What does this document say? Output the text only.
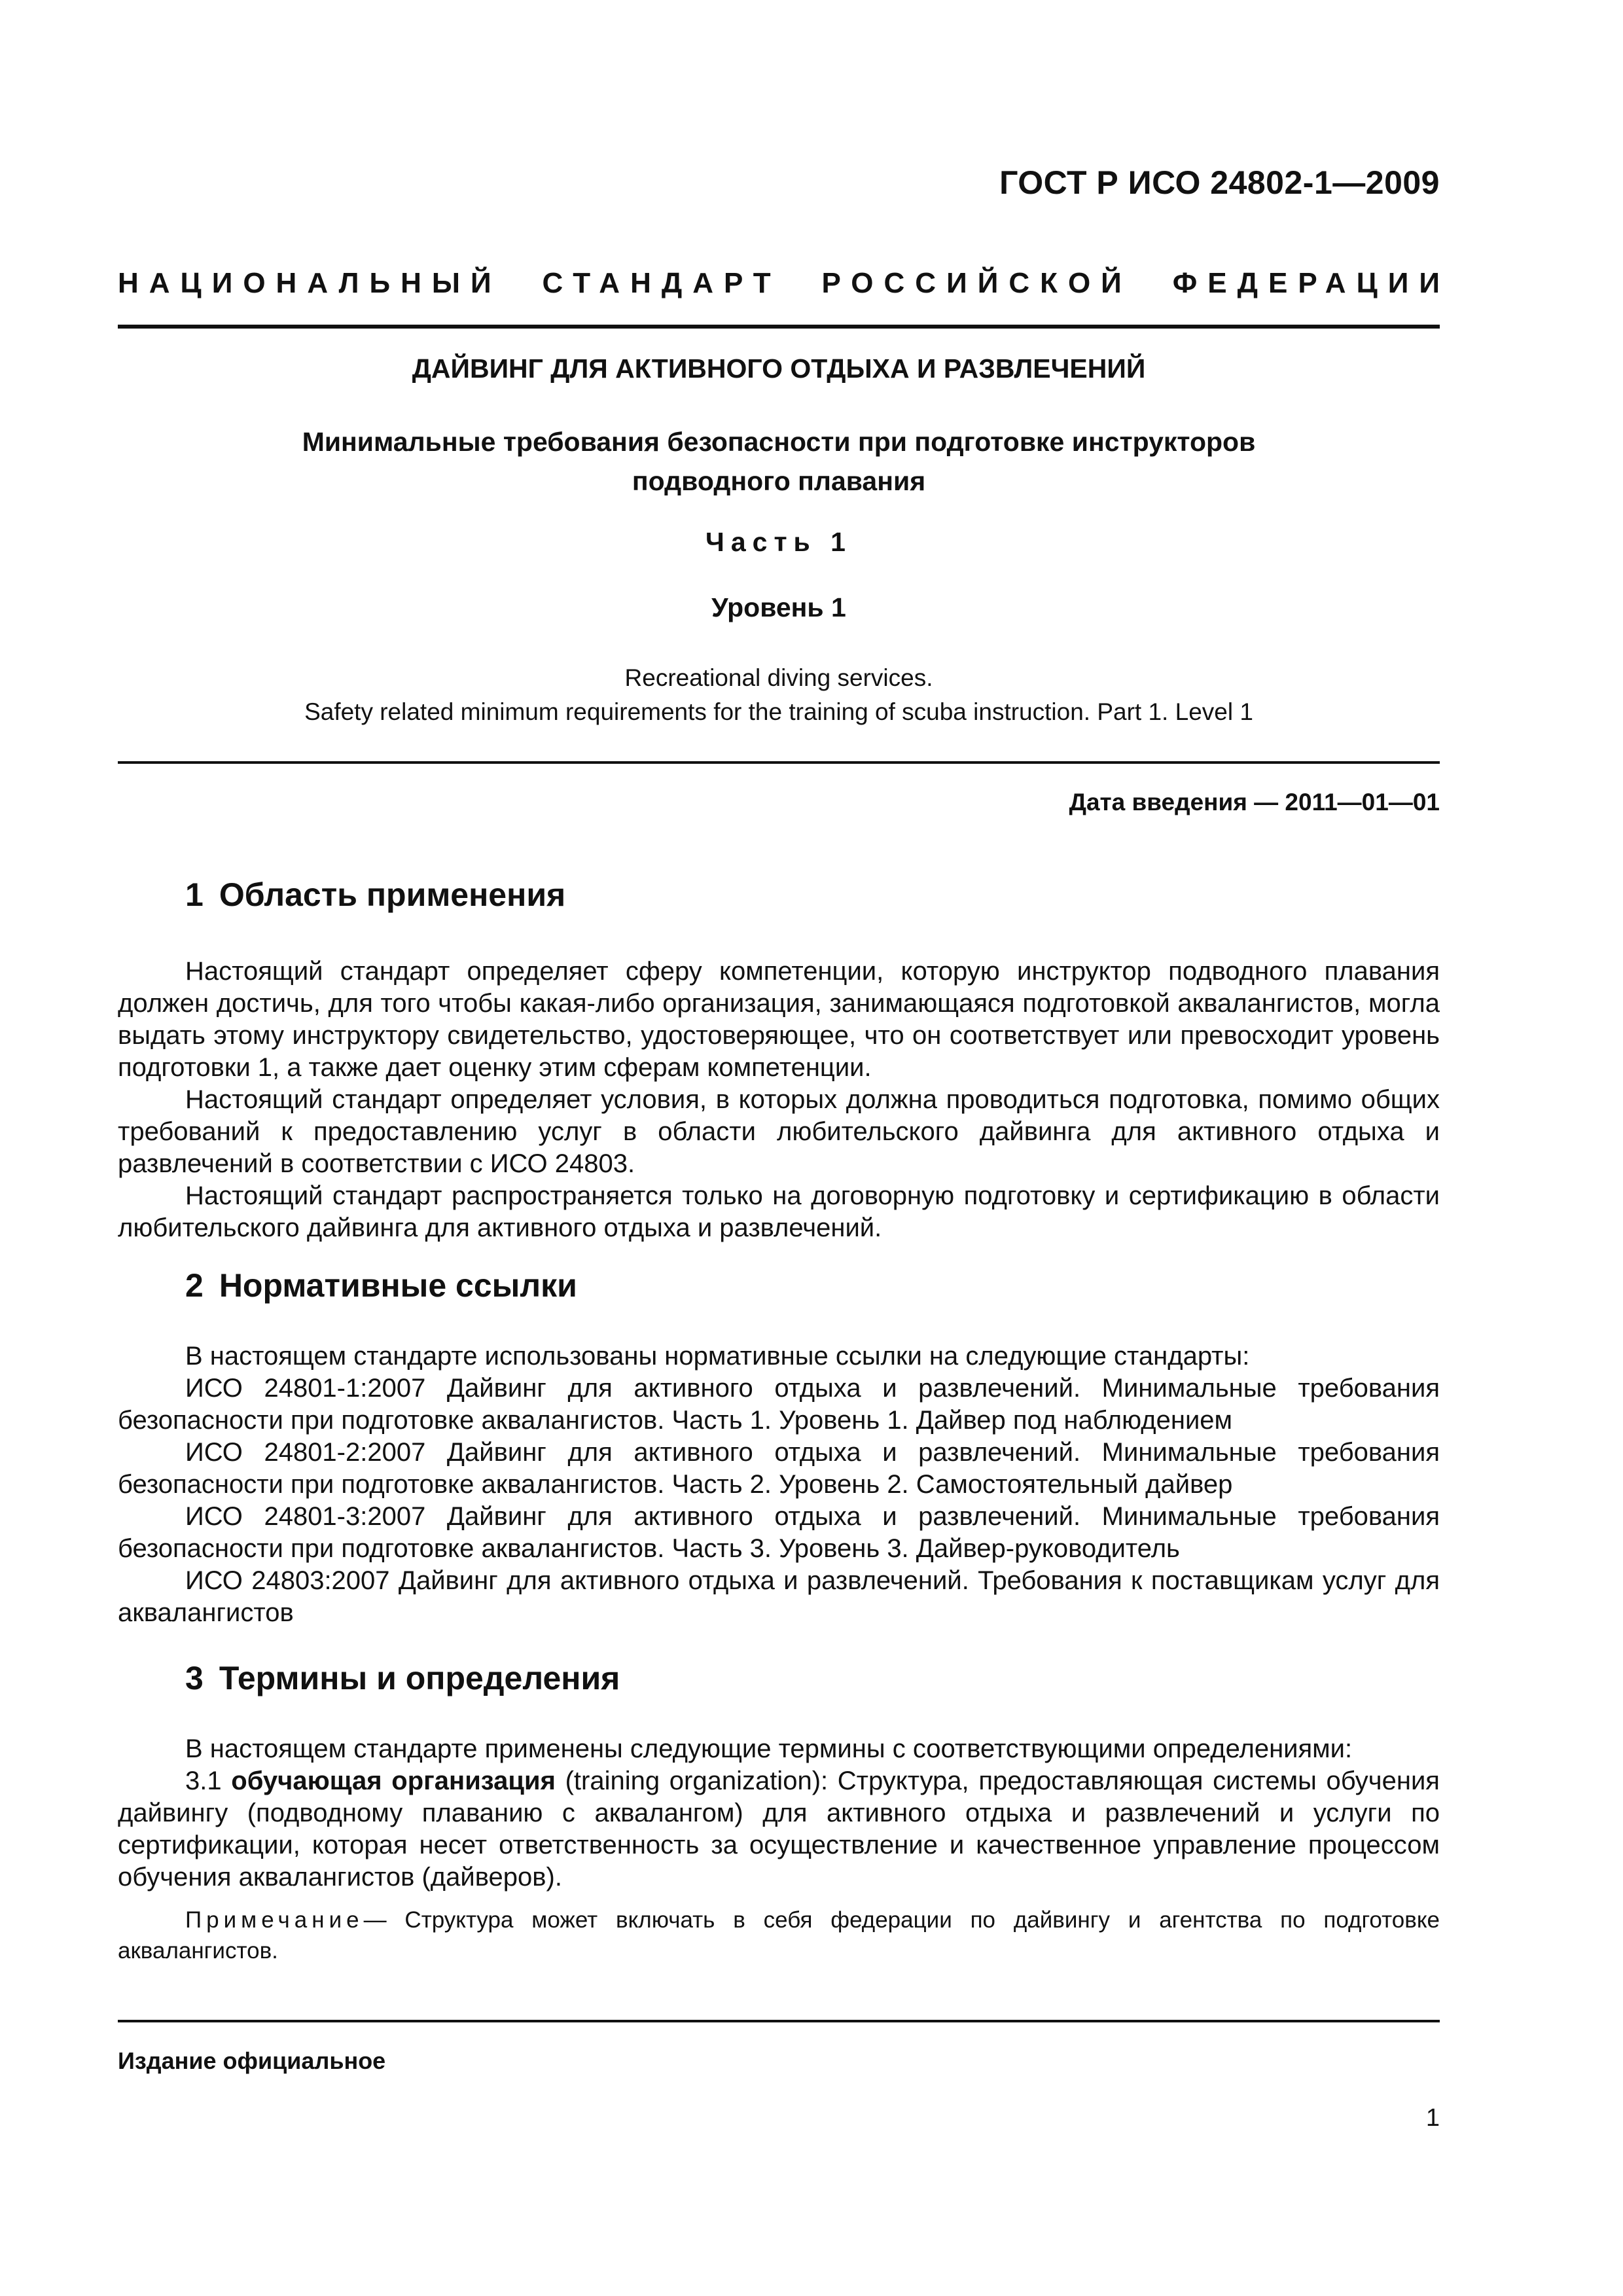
ГОСТ Р ИСО 24802-1—2009
НАЦИОНАЛЬНЫЙ СТАНДАРТ РОССИЙСКОЙ ФЕДЕРАЦИИ
ДАЙВИНГ ДЛЯ АКТИВНОГО ОТДЫХА И РАЗВЛЕЧЕНИЙ
Минимальные требования безопасности при подготовке инструкторов
подводного плавания
Часть 1
Уровень 1
Recreational diving services.
Safety related minimum requirements for the training of scuba instruction. Part 1. Level 1
Дата введения — 2011—01—01
1 Область применения

Настоящий стандарт определяет сферу компетенции, которую инструктор подводного плавания должен достичь, для того чтобы какая-либо организация, занимающаяся подготовкой аквалангистов, могла выдать этому инструктору свидетельство, удостоверяющее, что он соответствует или превосходит уровень подготовки 1, а также дает оценку этим сферам компетенции.

Настоящий стандарт определяет условия, в которых должна проводиться подготовка, помимо общих требований к предоставлению услуг в области любительского дайвинга для активного отдыха и развлечений в соответствии с ИСО 24803.

Настоящий стандарт распространяется только на договорную подготовку и сертификацию в области любительского дайвинга для активного отдыха и развлечений.

2 Нормативные ссылки

В настоящем стандарте использованы нормативные ссылки на следующие стандарты:

ИСО 24801-1:2007 Дайвинг для активного отдыха и развлечений. Минимальные требования безопасности при подготовке аквалангистов. Часть 1. Уровень 1. Дайвер под наблюдением

ИСО 24801-2:2007 Дайвинг для активного отдыха и развлечений. Минимальные требования безопасности при подготовке аквалангистов. Часть 2. Уровень 2. Самостоятельный дайвер

ИСО 24801-3:2007 Дайвинг для активного отдыха и развлечений. Минимальные требования безопасности при подготовке аквалангистов. Часть 3. Уровень 3. Дайвер-руководитель

ИСО 24803:2007 Дайвинг для активного отдыха и развлечений. Требования к поставщикам услуг для аквалангистов

3 Термины и определения

В настоящем стандарте применены следующие термины с соответствующими определениями:

3.1 обучающая организация (training organization): Структура, предоставляющая системы обучения дайвингу (подводному плаванию с аквалангом) для активного отдыха и развлечений и услуги по сертификации, которая несет ответственность за осуществление и качественное управление процессом обучения аквалангистов (дайверов).

Примечание— Структура может включать в себя федерации по дайвингу и агентства по подготовке аквалангистов.

Издание официальное
1
